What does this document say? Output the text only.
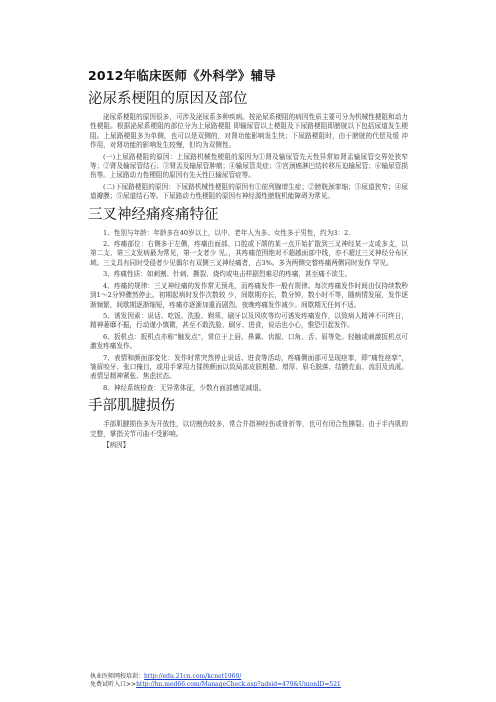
2012年临床医师《外科学》辅导
泌尿系梗阻的原因及部位

泌尿系梗阻的原因很多，可涉及泌尿系多种疾病。按泌尿系梗阻的病因性质主要可分为机械性梗阻和动力性梗阻。根据泌尿系梗阻的部位分为上尿路梗阻 即输尿管以上梗阻及下尿路梗阻即膀胱以下包括尿道发生梗阻。上尿路梗阻多为单侧，也可以是双侧的，对肾功能影响发生快；下尿路梗阻时，由于膀胱的代偿及缓 冲作用，对肾功能的影响发生较慢，但均为双侧性。

(一)上尿路梗阻的原因：上尿路机械性梗阻的原因为①肾及输尿管先天性异常如肾盂输尿管交界处狭窄等；②肾及输尿管结石；③肾盂及输尿管肿瘤；④输尿管炎症；⑤宫颈癌淋巴结转移压迫输尿管；⑥输尿管损伤等。上尿路动力性梗阻的原因有先天性巨输尿管症等。

(二)下尿路梗阻的原因：下尿路机械性梗阻的原因有①前列腺增生症；②膀胱颈挛缩；③尿道狭窄；④尿道瓣膜；⑤尿道结石等。下尿路动力性梗阻的原因有神经源性膀胱机能障碍为常见。

三叉神经痛疼痛特征

1、性别与年龄：年龄多在40岁以上，以中、老年人为多。女性多于男性，约为3：2.

2、疼痛部位：右侧多于左侧，疼痛由面部、口腔或下颌的某一点开始扩散到三叉神经某一支或多支，以第二支、第三支发病最为常见，第一支者少 见。，其疼痛范围绝对不超越面部中线，亦不超过三叉神经分布区域。三支具有同时受侵者少见偶尔有双侧三叉神经痛者，占3%。多为两侧交替疼痛两侧同时发作 罕见。

3、疼痛性质：如刺割、针刺、撕裂、烧灼或电击样剧烈难忍的疼痛，甚至痛不欲生。

4、疼痛的规律：三叉神经痛的发作常无预兆，而疼痛发作一般有规律。每次疼痛发作时间由仅持续数秒到1～2分钟骤然停止。初期起病时发作次数较 少，间歇期亦长，数分钟，数小时不等，随病情发展，发作逐渐频繁，间歇期逐渐缩短，疼痛亦逐渐加重而剧烈。夜晚疼痛发作减少。间歇期无任何不适。

5、诱发因素：说话、吃饭、洗脸、剃须、刷牙以及风吹等均可诱发疼痛发作，以致病人精神不可终日，精神萎靡不振，行动谨小慎微，甚至不敢洗脸、刷牙、进食，说话也小心，惟恐引起发作。

6、扳机点：扳机点亦称“触发点”，常位于上唇、鼻翼、齿龈、口角、舌、眉等处。轻触或刺激扳机点可激发疼痛发作。

7、表情和颜面部变化：发作时常突然停止说话、进食等活动，疼痛侧面部可呈现痉挛，即“痛性痉挛”，皱眉咬牙、张口掩目，或用手掌用力揉搓颜面以致局部皮肤粗糙、增厚、眉毛脱落、结膜充血、流泪及流涎。表情呈精神紧张、焦虑状态。

8、神经系统检查：无异常体征，少数有面部感觉减退。

手部肌腱损伤

手部肌腱损伤多为开放性，以切割伤较多，常合并指神经伤或骨折等，也可有闭合性撕裂。由于手内肌的完整，掌指关节可曲不受影响。

【病因】

执业医师网校培训：http://edu.21cn.com/kcnet1960/
免费试听入口>>http://hn.med66.com/ManageCheck.asp?adsid=479&UnionID=521
